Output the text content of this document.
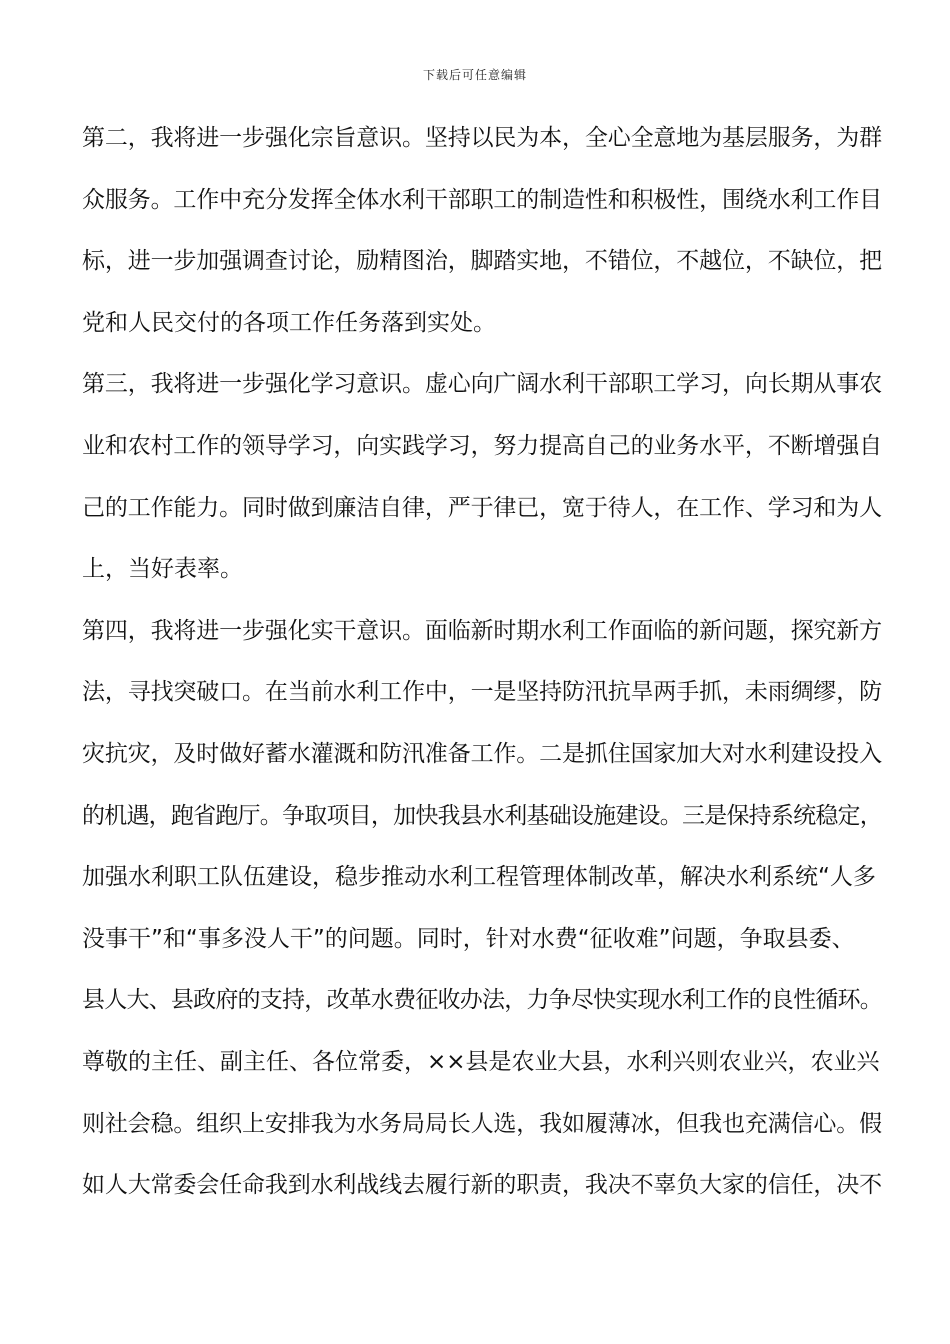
下载后可任意编辑
第二，我将进一步强化宗旨意识。坚持以民为本，全心全意地为基层服务，为群
众服务。工作中充分发挥全体水利干部职工的制造性和积极性，围绕水利工作目
标，进一步加强调查讨论，励精图治，脚踏实地，不错位，不越位，不缺位，把
党和人民交付的各项工作任务落到实处。
第三，我将进一步强化学习意识。虚心向广阔水利干部职工学习，向长期从事农
业和农村工作的领导学习，向实践学习，努力提高自己的业务水平，不断增强自
己的工作能力。同时做到廉洁自律，严于律已，宽于待人，在工作、学习和为人
上，当好表率。
第四，我将进一步强化实干意识。面临新时期水利工作面临的新问题，探究新方
法，寻找突破口。在当前水利工作中，一是坚持防汛抗旱两手抓，未雨绸缪，防
灾抗灾，及时做好蓄水灌溉和防汛准备工作。二是抓住国家加大对水利建设投入
的机遇，跑省跑厅。争取项目，加快我县水利基础设施建设。三是保持系统稳定，
加强水利职工队伍建设，稳步推动水利工程管理体制改革，解决水利系统“人多
没事干”和“事多没人干”的问题。同时，针对水费“征收难”问题，争取县委、
县人大、县政府的支持，改革水费征收办法，力争尽快实现水利工作的良性循环。
尊敬的主任、副主任、各位常委，××县是农业大县，水利兴则农业兴，农业兴
则社会稳。组织上安排我为水务局局长人选，我如履薄冰，但我也充满信心。假
如人大常委会任命我到水利战线去履行新的职责，我决不辜负大家的信任，决不
